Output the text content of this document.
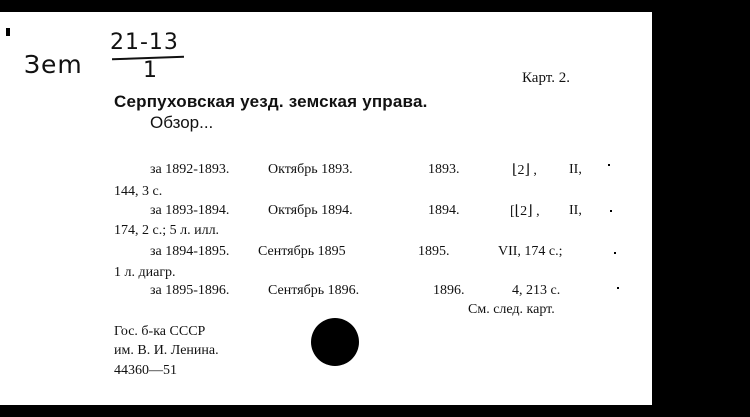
Зem
21-13
1	Карт. 2.
Серпуховская уезд. земская управа.
Обзор...
за 1892-1893.	Октябрь 1893.	1893.	⌊2⌋ , II,
144, 3 с.
за 1893-1894.	Октябрь 1894.	1894.	[⌊2⌋ , II,
174, 2 с.; 5 л. илл.
за 1894-1895. Сентябрь 1895	1895.	VII, 174 с.;
1 л. диагр.
за 1895-1896.	Сентябрь 1896.	1896.	4, 213 с.
См. след. карт.
Гос. б-ка СССР
им. В. И. Ленина.
44360—51
